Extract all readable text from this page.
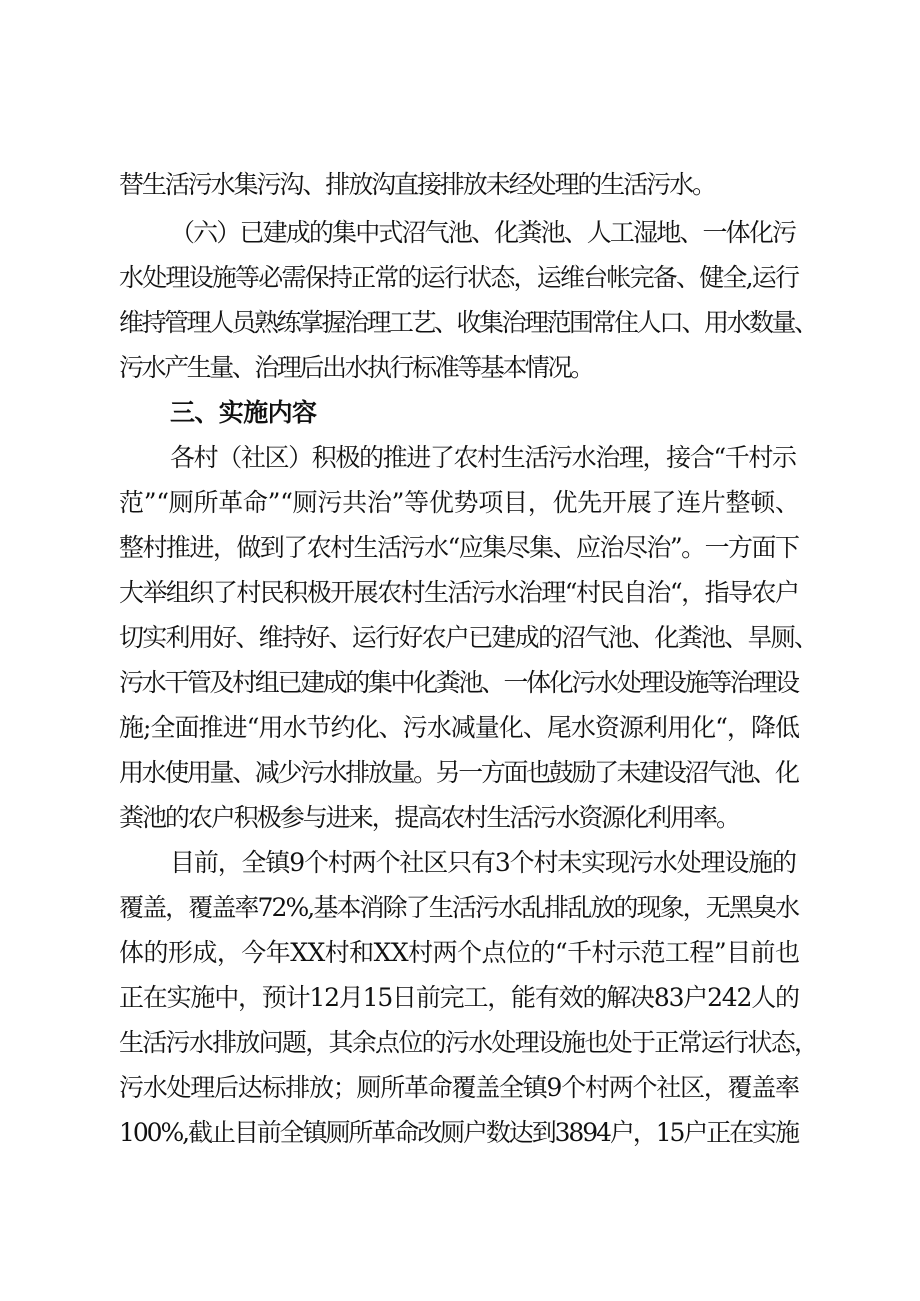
替生活污水集污沟、排放沟直接排放未经处理的生活污水。

（六）已建成的集中式沼气池、化粪池、人工湿地、一体化污

水处理设施等必需保持正常的运行状态，运维台帐完备、健全,运行

维持管理人员熟练掌握治理工艺、收集治理范围常住人口、用水数量、

污水产生量、治理后出水执行标准等基本情况。

三、实施内容

各村（社区）积极的推进了农村生活污水治理，接合“千村示

范”“厕所革命”“厕污共治”等优势项目，优先开展了连片整顿、

整村推进，做到了农村生活污水“应集尽集、应治尽治”。一方面下

大举组织了村民积极开展农村生活污水治理“村民自治“，指导农户

切实利用好、维持好、运行好农户已建成的沼气池、化粪池、旱厕、

污水干管及村组已建成的集中化粪池、一体化污水处理设施等治理设

施;全面推进“用水节约化、污水减量化、尾水资源利用化“，降低

用水使用量、减少污水排放量。另一方面也鼓励了未建设沼气池、化

粪池的农户积极参与进来，提高农村生活污水资源化利用率。

目前，全镇9个村两个社区只有3个村未实现污水处理设施的

覆盖，覆盖率72%,基本消除了生活污水乱排乱放的现象，无黑臭水

体的形成，今年XX村和XX村两个点位的“千村示范工程”目前也

正在实施中，预计12月15日前完工，能有效的解决83户242人的

生活污水排放问题，其余点位的污水处理设施也处于正常运行状态，

污水处理后达标排放；厕所革命覆盖全镇9个村两个社区，覆盖率

100%,截止目前全镇厕所革命改厕户数达到3894户，15户正在实施
